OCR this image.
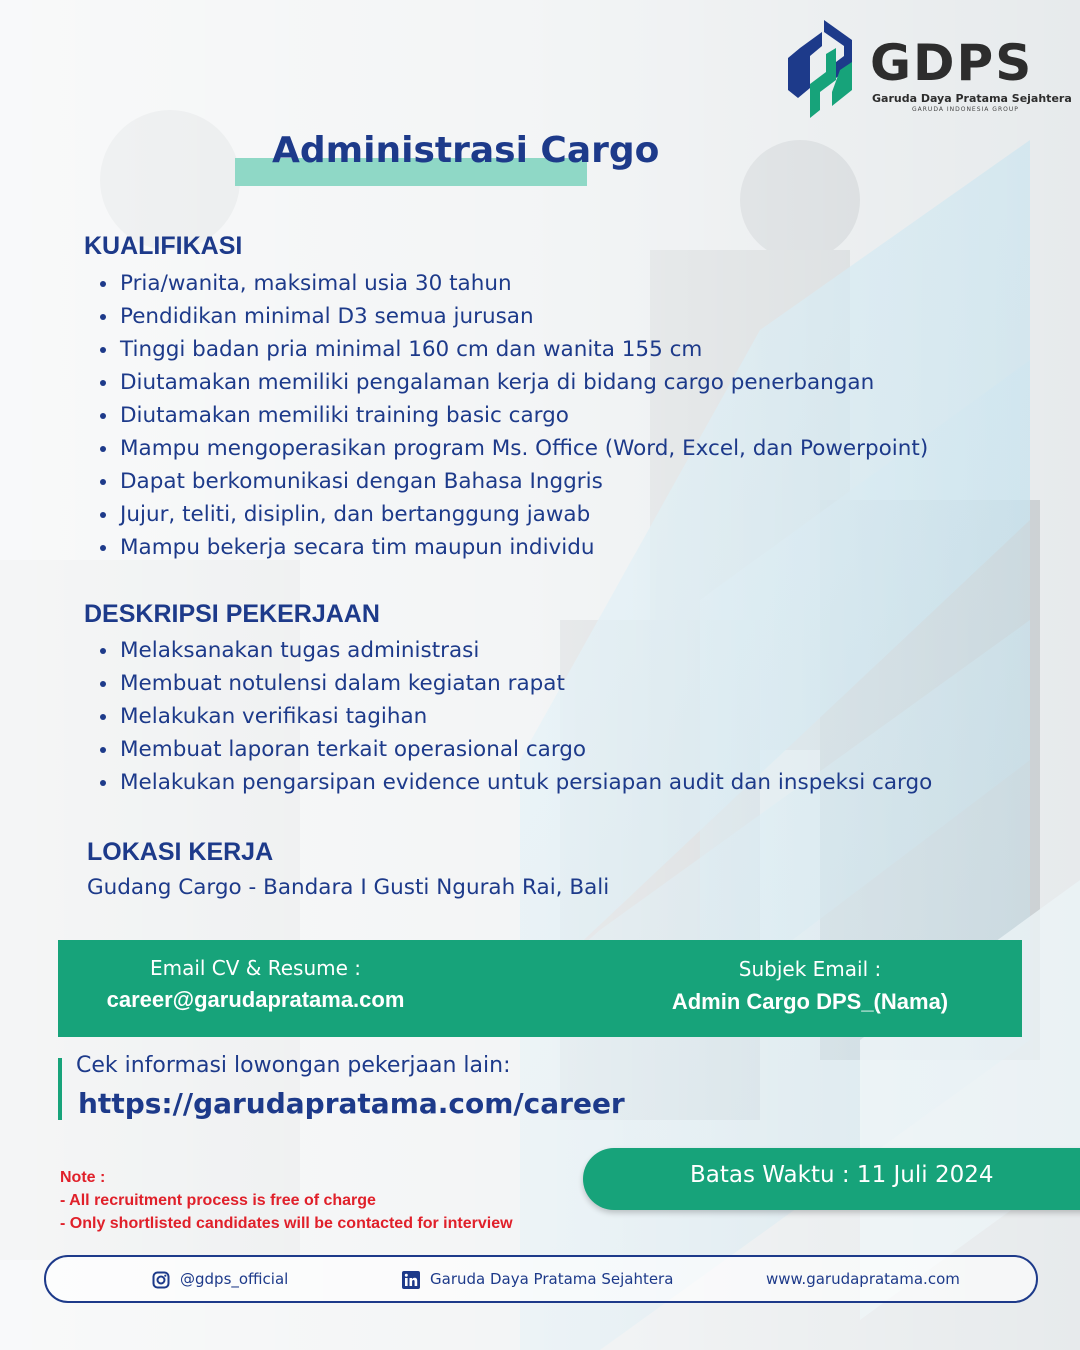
GDPS
Garuda Daya Pratama Sejahtera
GARUDA INDONESIA GROUP
Administrasi Cargo
KUALIFIKASI
Pria/wanita, maksimal usia 30 tahun
Pendidikan minimal D3 semua jurusan
Tinggi badan pria minimal 160 cm dan wanita 155 cm
Diutamakan memiliki pengalaman kerja di bidang cargo penerbangan
Diutamakan memiliki training basic cargo
Mampu mengoperasikan program Ms. Office (Word, Excel, dan Powerpoint)
Dapat berkomunikasi dengan Bahasa Inggris
Jujur, teliti, disiplin, dan bertanggung jawab
Mampu bekerja secara tim maupun individu
DESKRIPSI PEKERJAAN
Melaksanakan tugas administrasi
Membuat notulensi dalam kegiatan rapat
Melakukan verifikasi tagihan
Membuat laporan terkait operasional cargo
Melakukan pengarsipan evidence untuk persiapan audit dan inspeksi cargo
LOKASI KERJA
Gudang Cargo - Bandara I Gusti Ngurah Rai, Bali
Email CV & Resume :
career@garudapratama.com
Subjek Email :
Admin Cargo DPS_(Nama)
Cek informasi lowongan pekerjaan lain:
https://garudapratama.com/career
Note :
- All recruitment process is free of charge
- Only shortlisted candidates will be contacted for interview
Batas Waktu : 11 Juli 2024
@gdps_official	Garuda Daya Pratama Sejahtera	www.garudapratama.com
